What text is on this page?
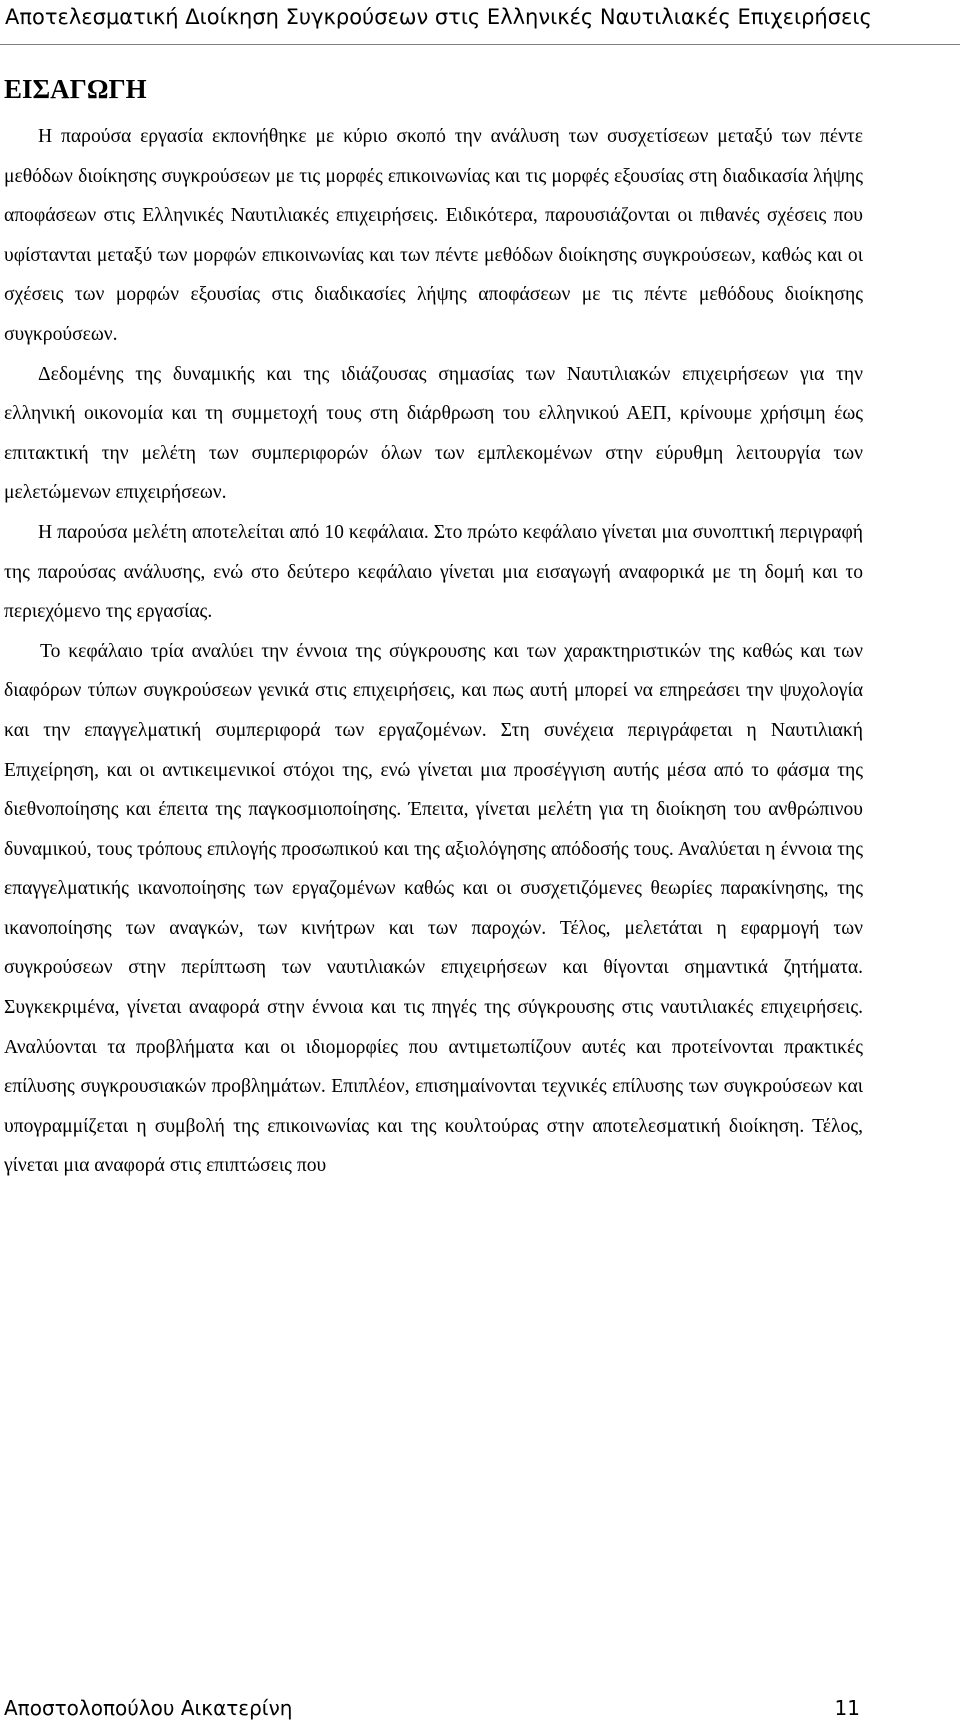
Αποτελεσματική Διοίκηση Συγκρούσεων στις Ελληνικές Ναυτιλιακές Επιχειρήσεις
ΕΙΣΑΓΩΓΗ

Η παρούσα εργασία εκπονήθηκε με κύριο σκοπό την ανάλυση των συσχετίσεων μεταξύ των πέντε μεθόδων διοίκησης συγκρούσεων με τις μορφές επικοινωνίας και τις μορφές εξουσίας στη διαδικασία λήψης αποφάσεων στις Ελληνικές Ναυτιλιακές επιχειρήσεις. Ειδικότερα, παρουσιάζονται οι πιθανές σχέσεις που υφίστανται μεταξύ των μορφών επικοινωνίας και των πέντε μεθόδων διοίκησης συγκρούσεων, καθώς και οι σχέσεις των μορφών εξουσίας στις διαδικασίες λήψης αποφάσεων με τις πέντε μεθόδους διοίκησης συγκρούσεων.

Δεδομένης της δυναμικής και της ιδιάζουσας σημασίας των Ναυτιλιακών επιχειρήσεων για την ελληνική οικονομία και τη συμμετοχή τους στη διάρθρωση του ελληνικού ΑΕΠ, κρίνουμε χρήσιμη έως επιτακτική την μελέτη των συμπεριφορών όλων των εμπλεκομένων στην εύρυθμη λειτουργία των μελετώμενων επιχειρήσεων.

Η παρούσα μελέτη αποτελείται από 10 κεφάλαια. Στο πρώτο κεφάλαιο γίνεται μια συνοπτική περιγραφή της παρούσας ανάλυσης, ενώ στο δεύτερο κεφάλαιο γίνεται μια εισαγωγή αναφορικά με τη δομή και το περιεχόμενο της εργασίας.

Το κεφάλαιο τρία αναλύει την έννοια της σύγκρουσης και των χαρακτηριστικών της καθώς και των διαφόρων τύπων συγκρούσεων γενικά στις επιχειρήσεις, και πως αυτή μπορεί να επηρεάσει την ψυχολογία και την επαγγελματική συμπεριφορά των εργαζομένων. Στη συνέχεια περιγράφεται η Ναυτιλιακή Επιχείρηση, και οι αντικειμενικοί στόχοι της, ενώ γίνεται μια προσέγγιση αυτής μέσα από το φάσμα της διεθνοποίησης και έπειτα της παγκοσμιοποίησης. Έπειτα, γίνεται μελέτη για τη διοίκηση του ανθρώπινου δυναμικού, τους τρόπους επιλογής προσωπικού και της αξιολόγησης απόδοσής τους. Αναλύεται η έννοια της επαγγελματικής ικανοποίησης των εργαζομένων καθώς και οι συσχετιζόμενες θεωρίες παρακίνησης, της ικανοποίησης των αναγκών, των κινήτρων και των παροχών. Τέλος, μελετάται η εφαρμογή των συγκρούσεων στην περίπτωση των ναυτιλιακών επιχειρήσεων και θίγονται σημαντικά ζητήματα. Συγκεκριμένα, γίνεται αναφορά στην έννοια και τις πηγές της σύγκρουσης στις ναυτιλιακές επιχειρήσεις. Αναλύονται τα προβλήματα και οι ιδιομορφίες που αντιμετωπίζουν αυτές και προτείνονται πρακτικές επίλυσης συγκρουσιακών προβλημάτων. Επιπλέον, επισημαίνονται τεχνικές επίλυσης των συγκρούσεων και υπογραμμίζεται η συμβολή της επικοινωνίας και της κουλτούρας στην αποτελεσματική διοίκηση. Τέλος, γίνεται μια αναφορά στις επιπτώσεις που

Αποστολοπούλου Αικατερίνη	11
